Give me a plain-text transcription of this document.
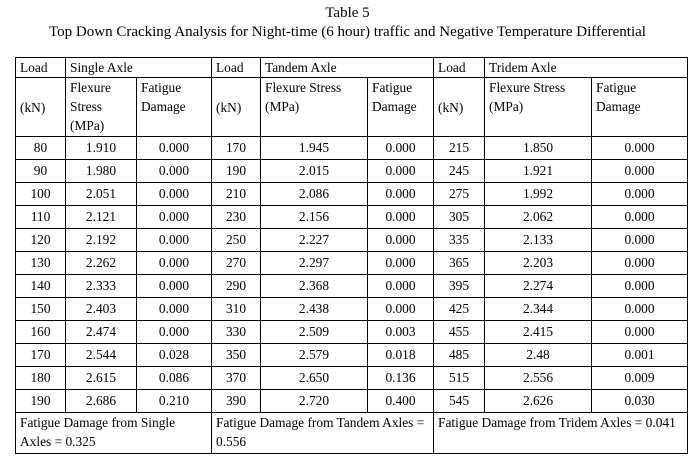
Table 5
Top Down Cracking Analysis for Night-time (6 hour) traffic and Negative Temperature Differential
Load	Single Axle		Load	Tandem Axle		Load	Tridem Axle	
(kN)	Flexure Stress (MPa)	Fatigue Damage	(kN)	Flexure Stress (MPa)	Fatigue Damage	(kN)	Flexure Stress (MPa)	Fatigue Damage
80	1.910	0.000	170	1.945	0.000	215	1.850	0.000
90	1.980	0.000	190	2.015	0.000	245	1.921	0.000
100	2.051	0.000	210	2.086	0.000	275	1.992	0.000
110	2.121	0.000	230	2.156	0.000	305	2.062	0.000
120	2.192	0.000	250	2.227	0.000	335	2.133	0.000
130	2.262	0.000	270	2.297	0.000	365	2.203	0.000
140	2.333	0.000	290	2.368	0.000	395	2.274	0.000
150	2.403	0.000	310	2.438	0.000	425	2.344	0.000
160	2.474	0.000	330	2.509	0.003	455	2.415	0.000
170	2.544	0.028	350	2.579	0.018	485	2.48	0.001
180	2.615	0.086	370	2.650	0.136	515	2.556	0.009
190	2.686	0.210	390	2.720	0.400	545	2.626	0.030
Fatigue Damage from Single Axles = 0.325			Fatigue Damage from Tandem Axles = 0.556			Fatigue Damage from Tridem Axles = 0.041		
